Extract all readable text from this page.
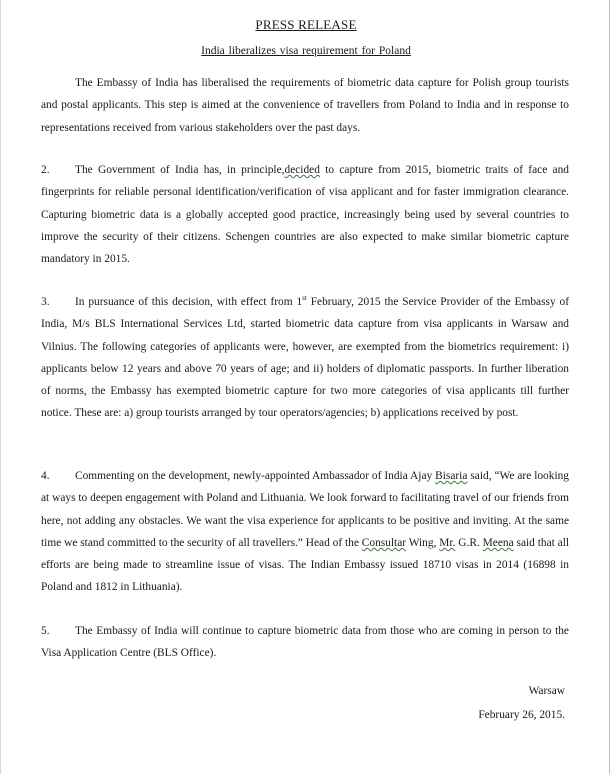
PRESS RELEASE
India liberalizes visa requirement for Poland

The Embassy of India has liberalised the requirements of biometric data capture for Polish group tourists and postal applicants. This step is aimed at the convenience of travellers from Poland to India and in response to representations received from various stakeholders over the past days.

2. The Government of India has, in principle,decided to capture from 2015, biometric traits of face and fingerprints for reliable personal identification/verification of visa applicant and for faster immigration clearance. Capturing biometric data is a globally accepted good practice, increasingly being used by several countries to improve the security of their citizens. Schengen countries are also expected to make similar biometric capture mandatory in 2015.

3. In pursuance of this decision, with effect from 1st February, 2015 the Service Provider of the Embassy of India, M/s BLS International Services Ltd, started biometric data capture from visa applicants in Warsaw and Vilnius. The following categories of applicants were, however, are exempted from the biometrics requirement: i) applicants below 12 years and above 70 years of age; and ii) holders of diplomatic passports. In further liberation of norms, the Embassy has exempted biometric capture for two more categories of visa applicants till further notice. These are: a) group tourists arranged by tour operators/agencies; b) applications received by post.

4. Commenting on the development, newly-appointed Ambassador of India Ajay Bisaria said, “We are looking at ways to deepen engagement with Poland and Lithuania. We look forward to facilitating travel of our friends from here, not adding any obstacles. We want the visa experience for applicants to be positive and inviting. At the same time we stand committed to the security of all travellers.” Head of the Consultar Wing, Mr. G.R. Meena said that all efforts are being made to streamline issue of visas. The Indian Embassy issued 18710 visas in 2014 (16898 in Poland and 1812 in Lithuania).

5. The Embassy of India will continue to capture biometric data from those who are coming in person to the Visa Application Centre (BLS Office).

Warsaw
February 26, 2015.
